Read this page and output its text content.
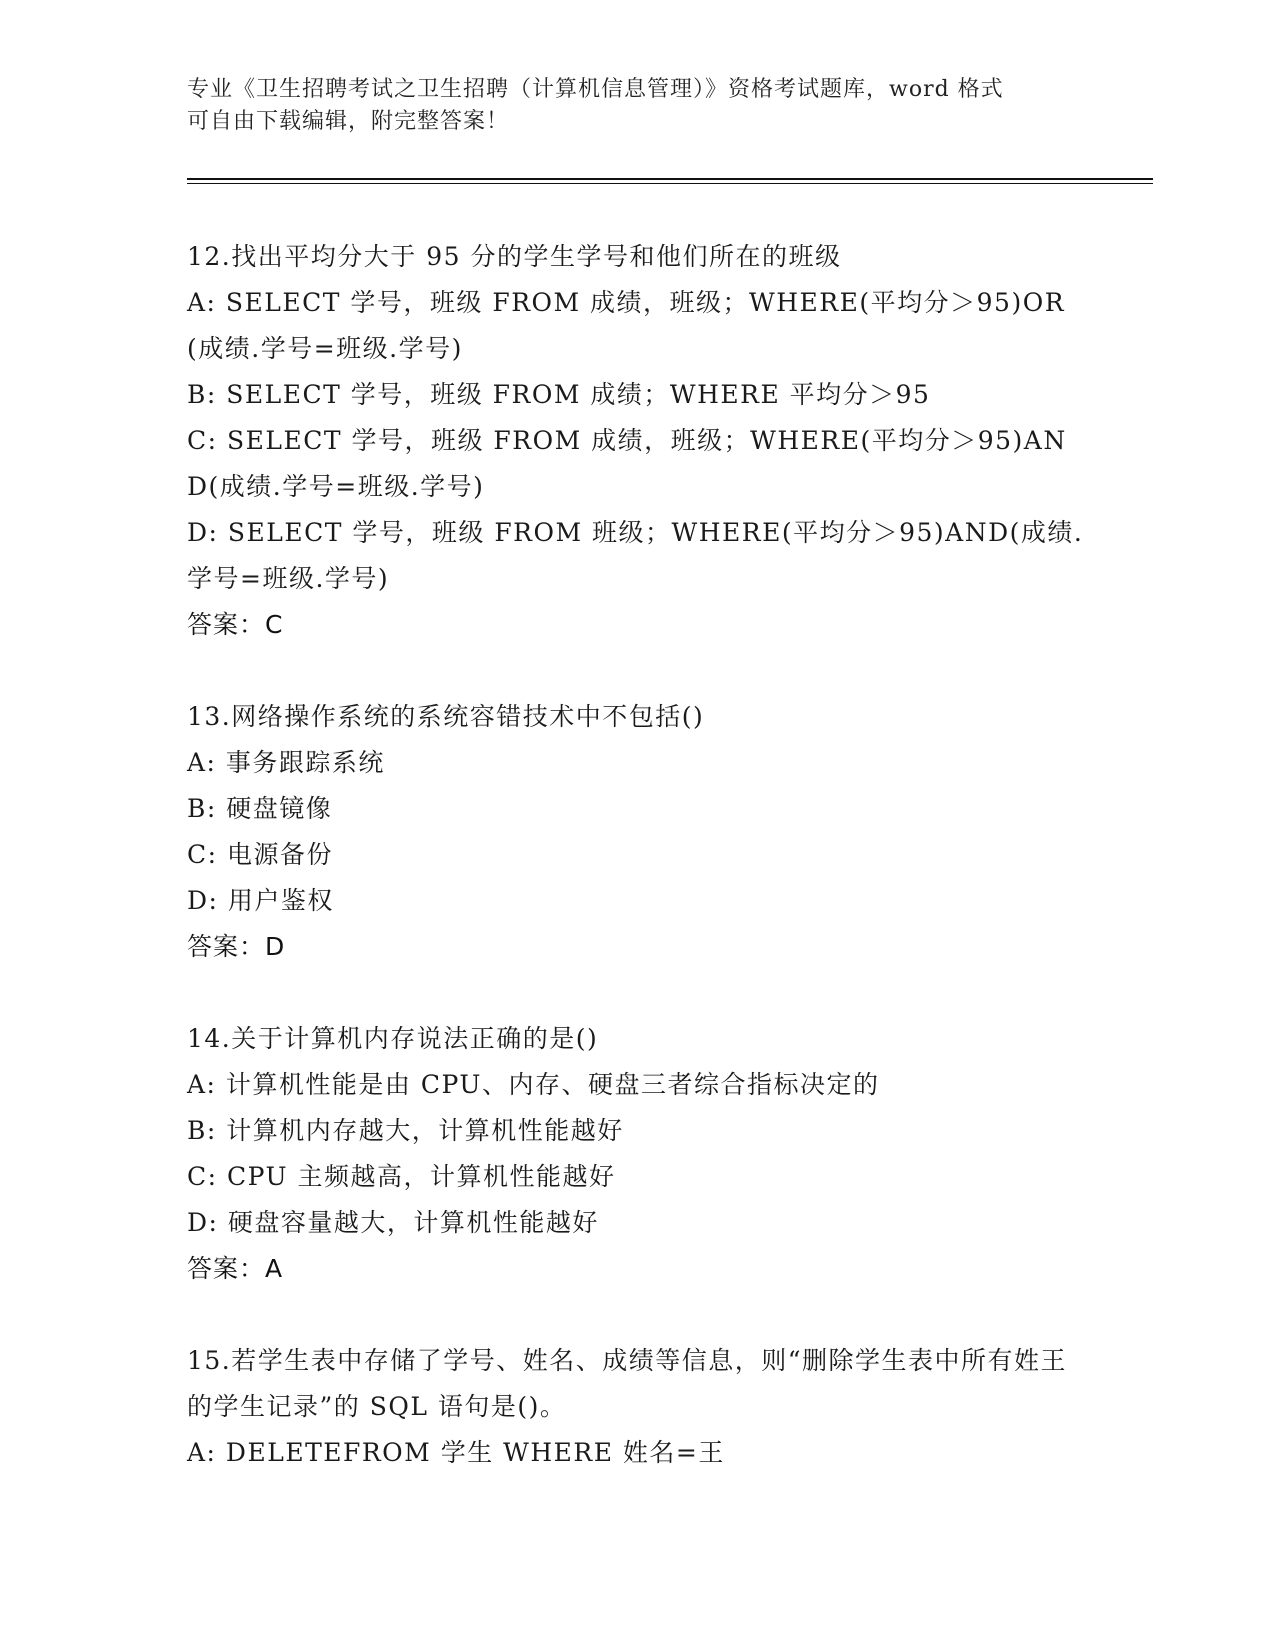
专业《卫生招聘考试之卫生招聘（计算机信息管理）》资格考试题库，word 格式
可自由下载编辑，附完整答案！
12.找出平均分大于 95 分的学生学号和他们所在的班级
A: SELECT 学号，班级 FROM 成绩，班级；WHERE(平均分＞95)OR(成绩.学号=班级.学号)
B: SELECT 学号，班级 FROM 成绩；WHERE 平均分＞95
C: SELECT 学号，班级 FROM 成绩，班级；WHERE(平均分＞95)AND(成绩.学号=班级.学号)
D: SELECT 学号，班级 FROM 班级；WHERE(平均分＞95)AND(成绩.学号=班级.学号)
答案：C
13.网络操作系统的系统容错技术中不包括()
A: 事务跟踪系统
B: 硬盘镜像
C: 电源备份
D: 用户鉴权
答案：D
14.关于计算机内存说法正确的是()
A: 计算机性能是由 CPU、内存、硬盘三者综合指标决定的
B: 计算机内存越大，计算机性能越好
C: CPU 主频越高，计算机性能越好
D: 硬盘容量越大，计算机性能越好
答案：A
15.若学生表中存储了学号、姓名、成绩等信息，则“删除学生表中所有姓王的学生记录”的 SQL 语句是()。
A: DELETEFROM 学生 WHERE 姓名=王
